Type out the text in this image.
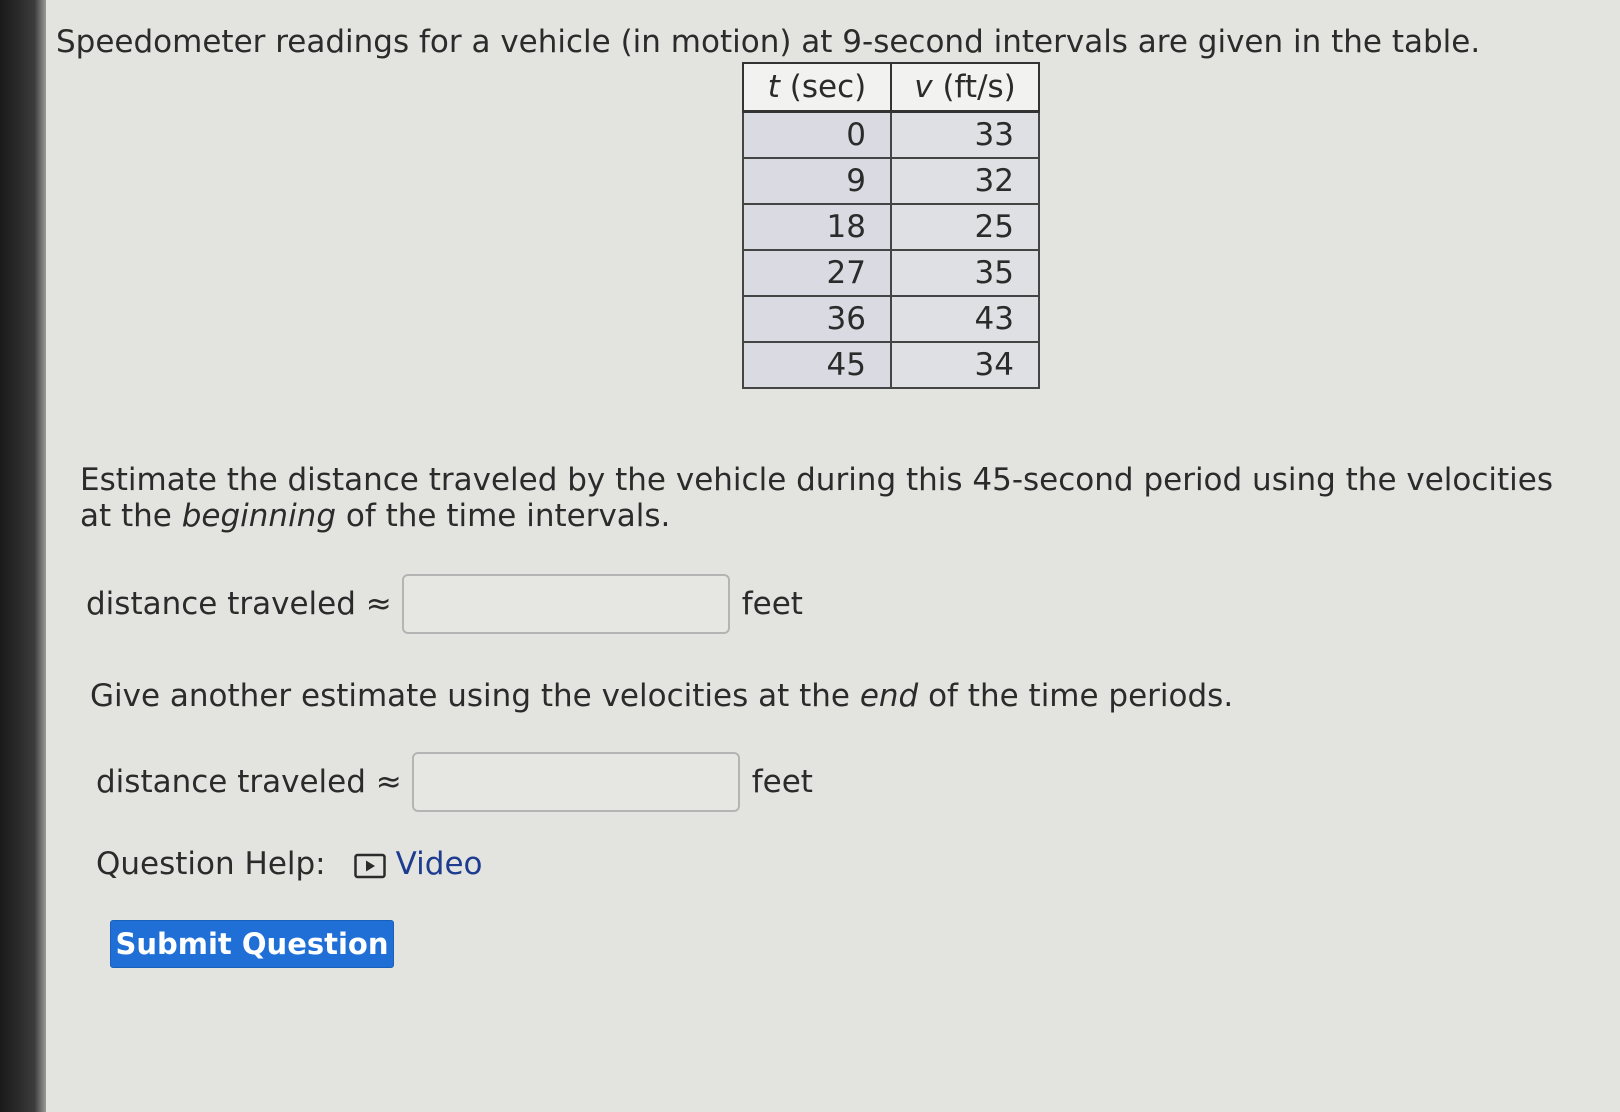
Speedometer readings for a vehicle (in motion) at 9-second intervals are given in the table.
t (sec)	v (ft/s)
0	33
9	32
18	25
27	35
36	43
45	34
Estimate the distance traveled by the vehicle during this 45-second period using the velocities at the beginning of the time intervals.
distance traveled ≈	feet
Give another estimate using the velocities at the end of the time periods.
distance traveled ≈	feet
Question Help: Video
Submit Question
